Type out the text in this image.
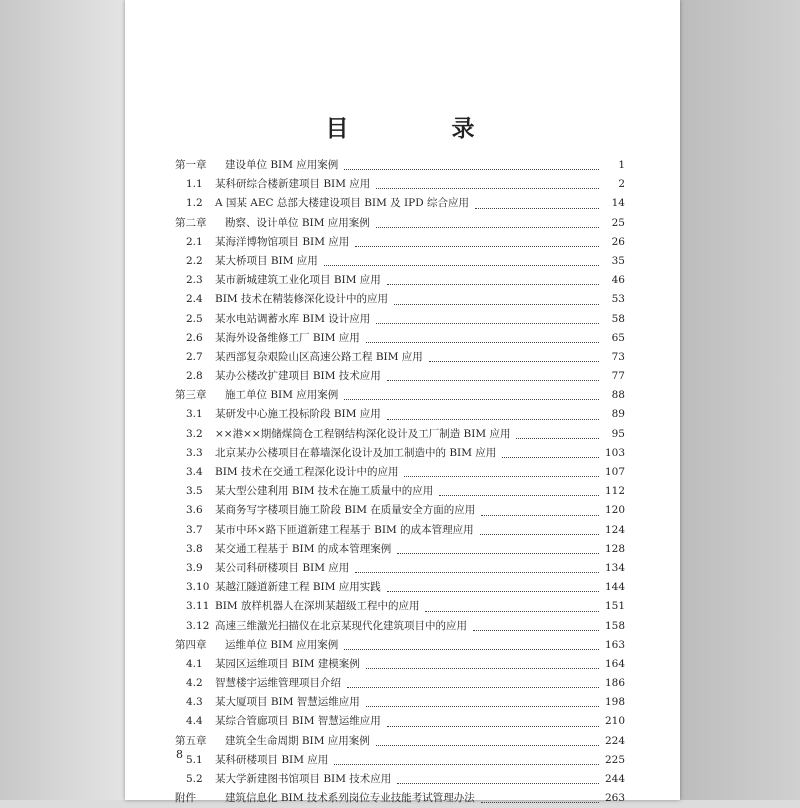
目　录
第一章 建设单位 BIM 应用案例	1
1.1 某科研综合楼新建项目 BIM 应用	2
1.2 A 国某 AEC 总部大楼建设项目 BIM 及 IPD 综合应用	14
第二章 勘察、设计单位 BIM 应用案例	25
2.1 某海洋博物馆项目 BIM 应用	26
2.2 某大桥项目 BIM 应用	35
2.3 某市新城建筑工业化项目 BIM 应用	46
2.4 BIM 技术在精装修深化设计中的应用	53
2.5 某水电站调蓄水库 BIM 设计应用	58
2.6 某海外设备维修工厂 BIM 应用	65
2.7 某西部复杂艰险山区高速公路工程 BIM 应用	73
2.8 某办公楼改扩建项目 BIM 技术应用	77
第三章 施工单位 BIM 应用案例	88
3.1 某研发中心施工投标阶段 BIM 应用	89
3.2 ××港××期储煤筒仓工程钢结构深化设计及工厂制造 BIM 应用	95
3.3 北京某办公楼项目在幕墙深化设计及加工制造中的 BIM 应用	103
3.4 BIM 技术在交通工程深化设计中的应用	107
3.5 某大型公建利用 BIM 技术在施工质量中的应用	112
3.6 某商务写字楼项目施工阶段 BIM 在质量安全方面的应用	120
3.7 某市中环×路下匝道新建工程基于 BIM 的成本管理应用	124
3.8 某交通工程基于 BIM 的成本管理案例	128
3.9 某公司科研楼项目 BIM 应用	134
3.10 某越江隧道新建工程 BIM 应用实践	144
3.11 BIM 放样机器人在深圳某超级工程中的应用	151
3.12 高速三维激光扫描仪在北京某现代化建筑项目中的应用	158
第四章 运维单位 BIM 应用案例	163
4.1 某园区运维项目 BIM 建模案例	164
4.2 智慧楼宇运维管理项目介绍	186
4.3 某大厦项目 BIM 智慧运维应用	198
4.4 某综合管廊项目 BIM 智慧运维应用	210
第五章 建筑全生命周期 BIM 应用案例	224
5.1 某科研楼项目 BIM 应用	225
5.2 某大学新建图书馆项目 BIM 技术应用	244
附件	建筑信息化 BIM 技术系列岗位专业技能考试管理办法	263
8
